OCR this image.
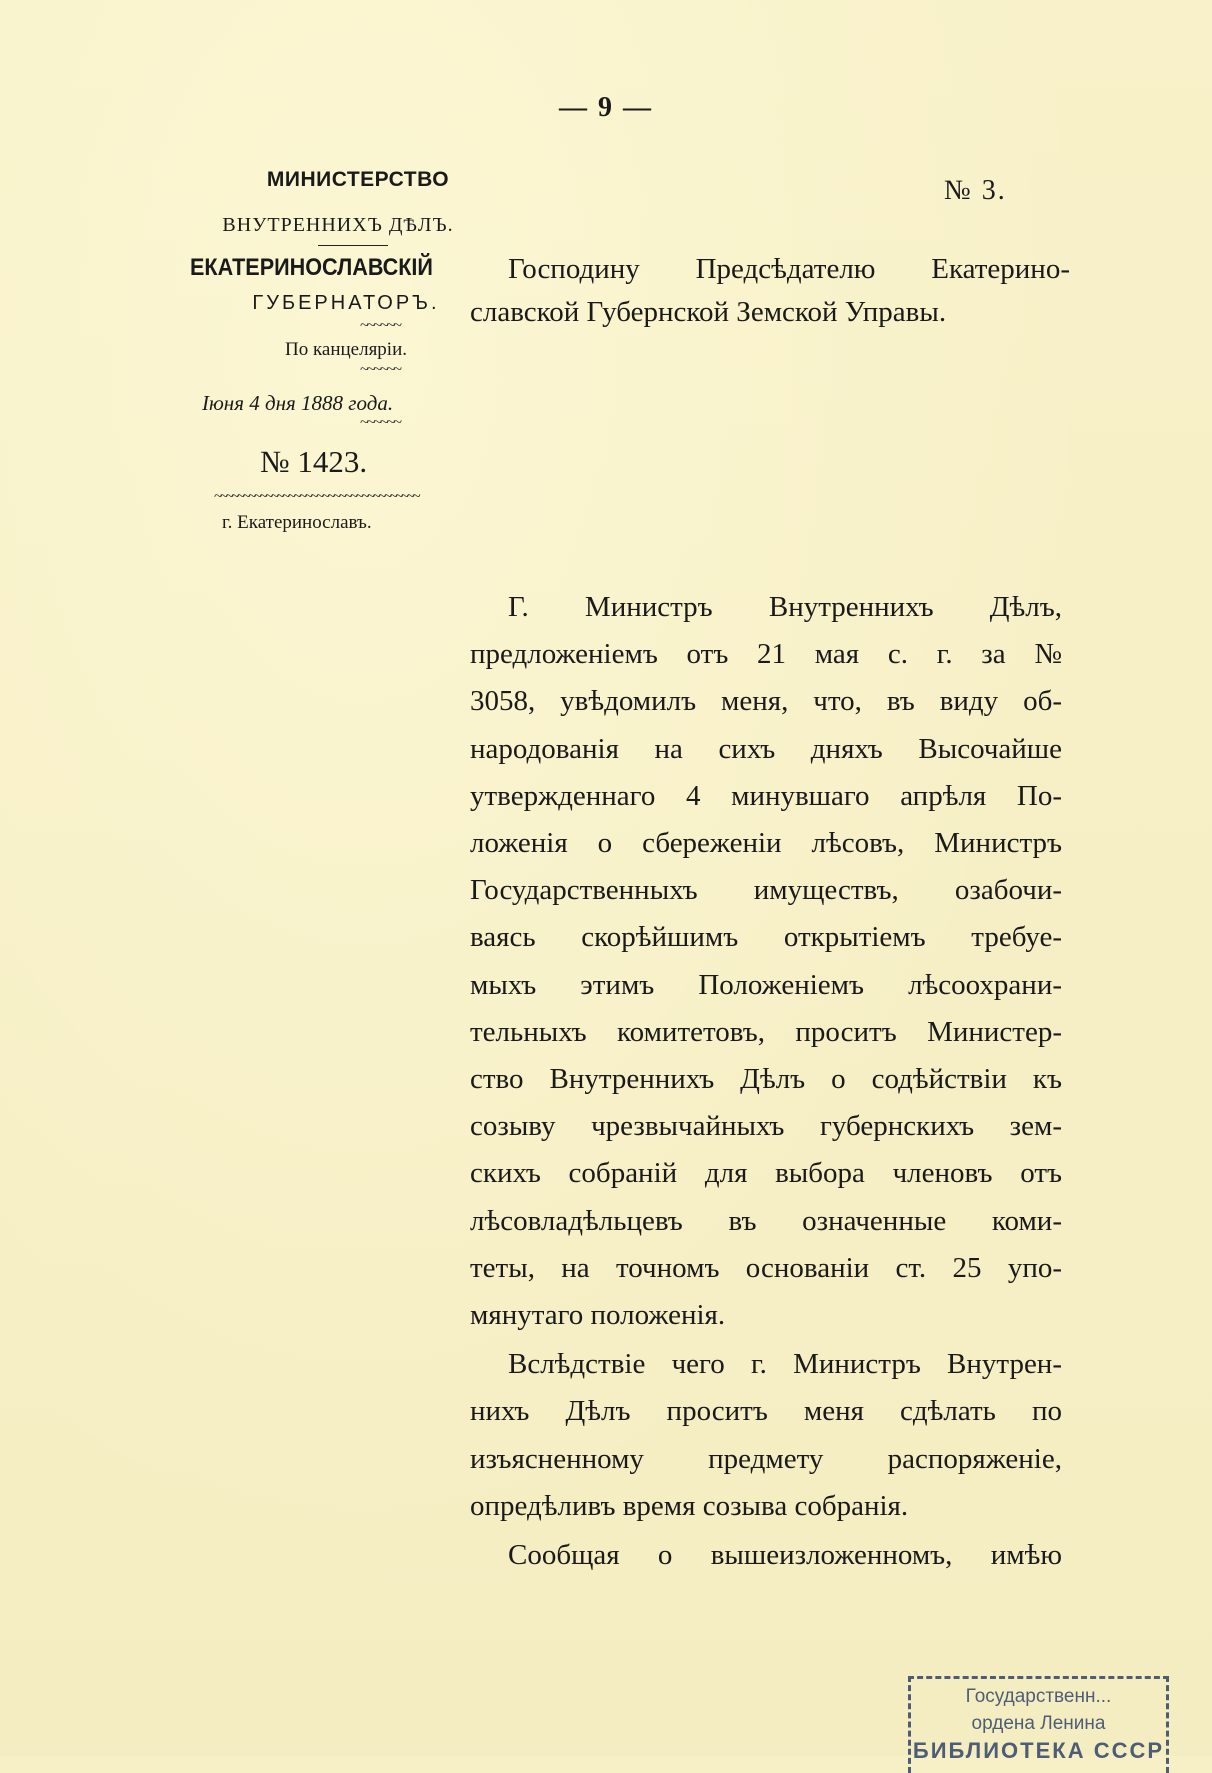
— 9 —
МИНИСТЕРСТВО
ВНУТРЕННИХЪ ДѢЛЪ.
ЕКАТЕРИНОСЛАВСКІЙ
ГУБЕРНАТОРЪ.
~~~~~~
По канцеляріи.
~~~~~~
Іюня 4 дня 1888 года.
~~~~~~
№ 1423.
~~~~~~~~~~~~~~~~~~~~~~~~~~~~~~~~~~~~
г. Екатеринославъ.
№ 3.
Господину Предсѣдателю Екатерино-
славской Губернской Земской Управы.
Г. Министръ Внутреннихъ Дѣлъ,
предложеніемъ отъ 21 мая с. г. за №
3058, увѣдомилъ меня, что, въ виду об-
народованія на сихъ дняхъ Высочайше
утвержденнаго 4 минувшаго апрѣля По-
ложенія о сбереженіи лѣсовъ, Министръ
Государственныхъ имуществъ, озабочи-
ваясь скорѣйшимъ открытіемъ требуе-
мыхъ этимъ Положеніемъ лѣсоохрани-
тельныхъ комитетовъ, проситъ Министер-
ство Внутреннихъ Дѣлъ о содѣйствіи къ
созыву чрезвычайныхъ губернскихъ зем-
скихъ собраній для выбора членовъ отъ
лѣсовладѣльцевъ въ означенные коми-
теты, на точномъ основаніи ст. 25 упо-
мянутаго положенія.
Вслѣдствіе чего г. Министръ Внутрен-
нихъ Дѣлъ проситъ меня сдѣлать по
изъясненному предмету распоряженіе,
опредѣливъ время созыва собранія.
Сообщая о вышеизложенномъ, имѣю
Государственн...
ордена Ленина
БИБЛИОТЕКА СССР
